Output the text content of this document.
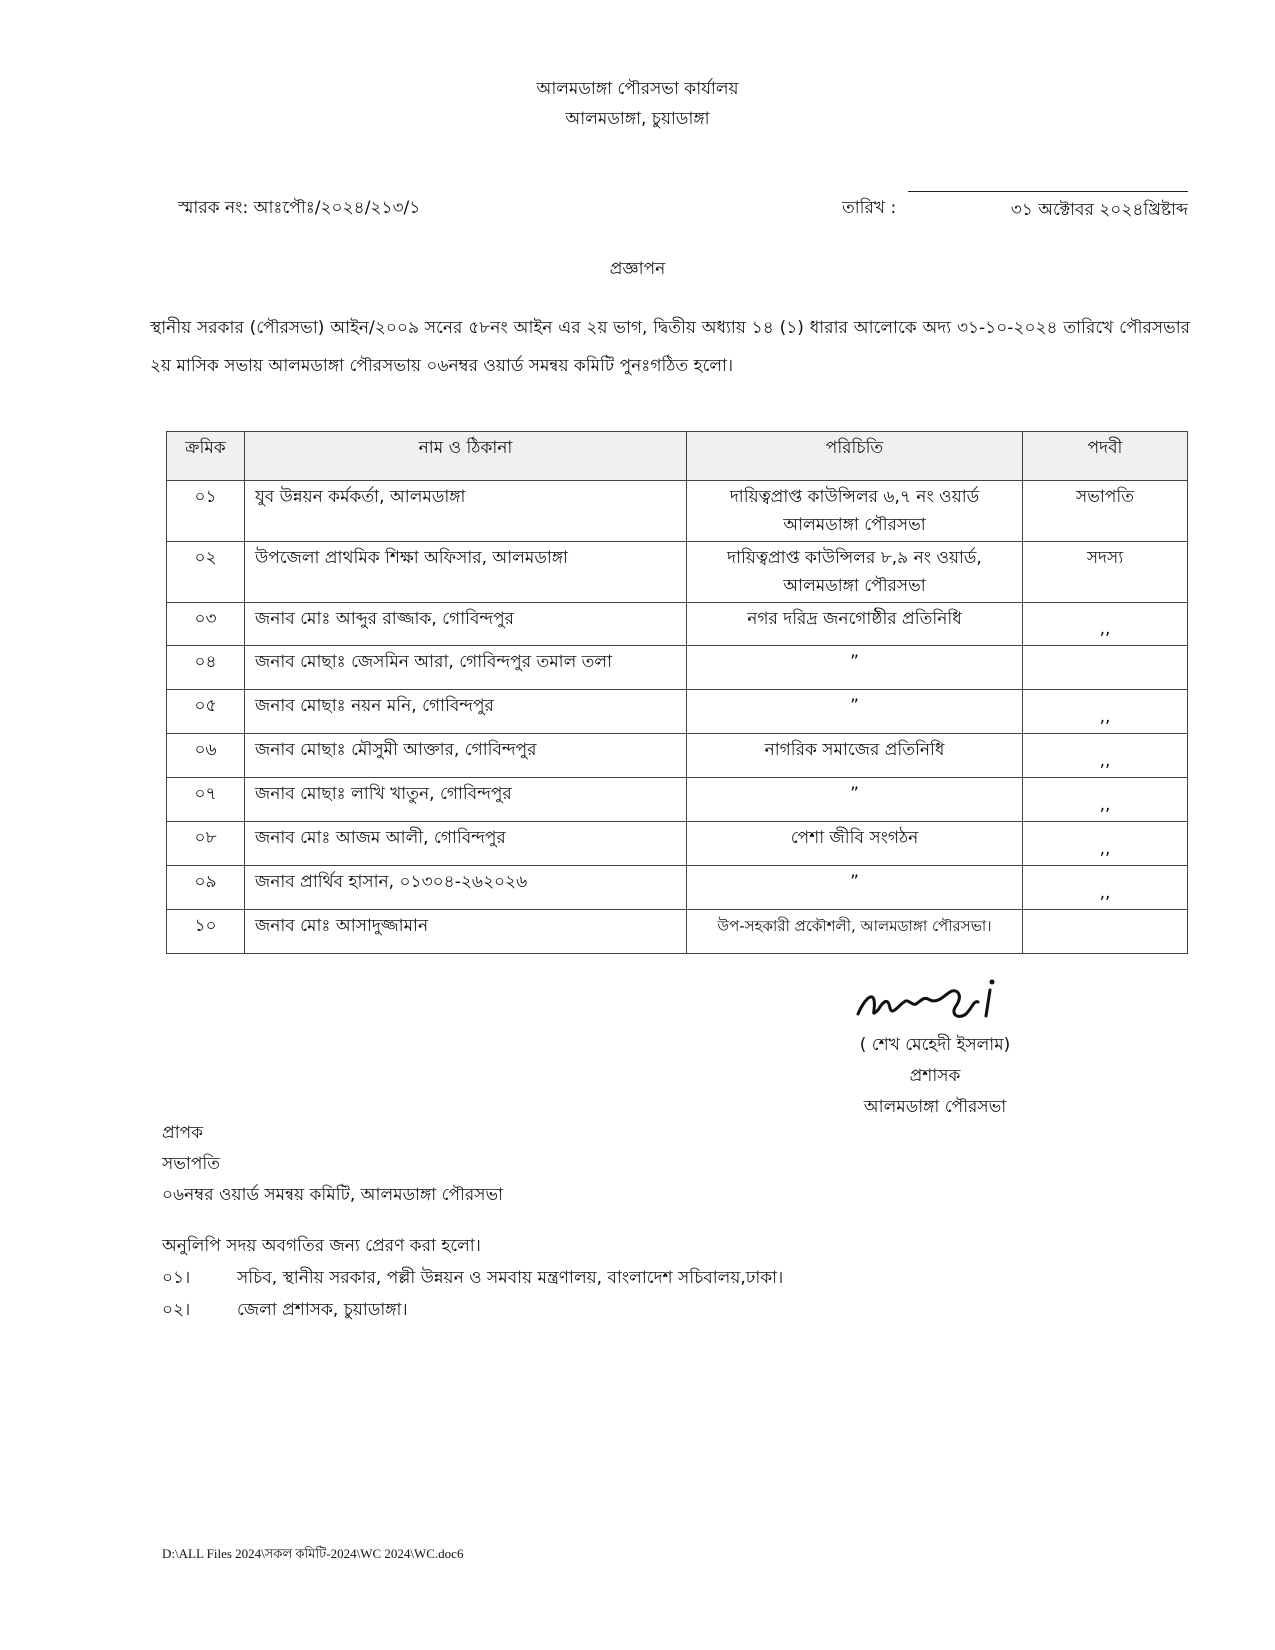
আলমডাঙ্গা পৌরসভা কার্যালয়
আলমডাঙ্গা, চুয়াডাঙ্গা
স্মারক নং: আঃপৌঃ/২০২৪/২১৩/১	তারিখ :	৩১ অক্টোবর ২০২৪খ্রিষ্টাব্দ
প্রজ্ঞাপন
স্থানীয় সরকার (পৌরসভা) আইন/২০০৯ সনের ৫৮নং আইন এর ২য় ভাগ, দ্বিতীয় অধ্যায় ১৪ (১) ধারার আলোকে অদ্য ৩১-১০-২০২৪ তারিখে পৌরসভার ২য় মাসিক সভায় আলমডাঙ্গা পৌরসভায় ০৬নম্বর ওয়ার্ড সমন্বয় কমিটি পুনঃগঠিত হলো।
ক্রমিক	নাম ও ঠিকানা	পরিচিতি	পদবী
০১	যুব উন্নয়ন কর্মকর্তা, আলমডাঙ্গা	দায়িত্বপ্রাপ্ত কাউন্সিলর ৬,৭ নং ওয়ার্ড আলমডাঙ্গা পৌরসভা	সভাপতি
০২	উপজেলা প্রাথমিক শিক্ষা অফিসার, আলমডাঙ্গা	দায়িত্বপ্রাপ্ত কাউন্সিলর ৮,৯ নং ওয়ার্ড, আলমডাঙ্গা পৌরসভা	সদস্য
০৩	জনাব মোঃ আব্দুর রাজ্জাক, গোবিন্দপুর	নগর দরিদ্র জনগোষ্ঠীর প্রতিনিধি	,,
০৪	জনাব মোছাঃ জেসমিন আরা, গোবিন্দপুর তমাল তলা	”	
০৫	জনাব মোছাঃ নয়ন মনি, গোবিন্দপুর	”	,,
০৬	জনাব মোছাঃ মৌসুমী আক্তার, গোবিন্দপুর	নাগরিক সমাজের প্রতিনিধি	,,
০৭	জনাব মোছাঃ লাখি খাতুন, গোবিন্দপুর	”	,,
০৮	জনাব মোঃ আজম আলী, গোবিন্দপুর	পেশা জীবি সংগঠন	,,
০৯	জনাব প্রার্থিব হাসান, ০১৩০৪-২৬২০২৬	”	,,
১০	জনাব মোঃ আসাদুজ্জামান	উপ-সহকারী প্রকৌশলী, আলমডাঙ্গা পৌরসভা।	
( শেখ মেহেদী ইসলাম)
প্রশাসক
আলমডাঙ্গা পৌরসভা
প্রাপক
সভাপতি
০৬নম্বর ওয়ার্ড সমন্বয় কমিটি, আলমডাঙ্গা পৌরসভা
অনুলিপি সদয় অবগতির জন্য প্রেরণ করা হলো।
০১।	সচিব, স্থানীয় সরকার, পল্লী উন্নয়ন ও সমবায় মন্ত্রণালয়, বাংলাদেশ সচিবালয়,ঢাকা।
০২।	জেলা প্রশাসক, চুয়াডাঙ্গা।
D:\ALL Files 2024\সকল কমিটি-2024\WC 2024\WC.doc6
